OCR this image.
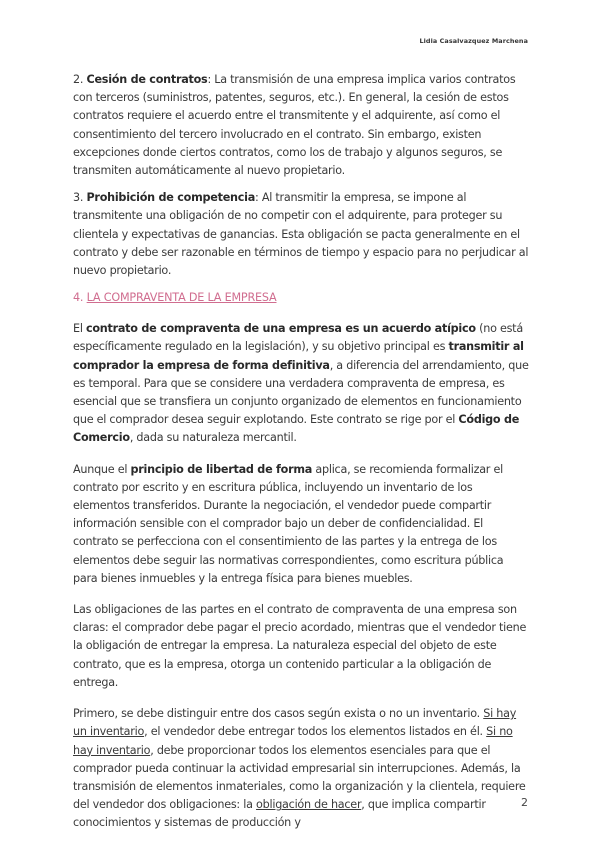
Lidia Casalvazquez Marchena

2. Cesión de contratos: La transmisión de una empresa implica varios contratos con terceros (suministros, patentes, seguros, etc.). En general, la cesión de estos contratos requiere el acuerdo entre el transmitente y el adquirente, así como el consentimiento del tercero involucrado en el contrato. Sin embargo, existen excepciones donde ciertos contratos, como los de trabajo y algunos seguros, se transmiten automáticamente al nuevo propietario.

3. Prohibición de competencia: Al transmitir la empresa, se impone al transmitente una obligación de no competir con el adquirente, para proteger su clientela y expectativas de ganancias. Esta obligación se pacta generalmente en el contrato y debe ser razonable en términos de tiempo y espacio para no perjudicar al nuevo propietario.

4. LA COMPRAVENTA DE LA EMPRESA

El contrato de compraventa de una empresa es un acuerdo atípico (no está específicamente regulado en la legislación), y su objetivo principal es transmitir al comprador la empresa de forma definitiva, a diferencia del arrendamiento, que es temporal. Para que se considere una verdadera compraventa de empresa, es esencial que se transfiera un conjunto organizado de elementos en funcionamiento que el comprador desea seguir explotando. Este contrato se rige por el Código de Comercio, dada su naturaleza mercantil.

Aunque el principio de libertad de forma aplica, se recomienda formalizar el contrato por escrito y en escritura pública, incluyendo un inventario de los elementos transferidos. Durante la negociación, el vendedor puede compartir información sensible con el comprador bajo un deber de confidencialidad. El contrato se perfecciona con el consentimiento de las partes y la entrega de los elementos debe seguir las normativas correspondientes, como escritura pública para bienes inmuebles y la entrega física para bienes muebles.

Las obligaciones de las partes en el contrato de compraventa de una empresa son claras: el comprador debe pagar el precio acordado, mientras que el vendedor tiene la obligación de entregar la empresa. La naturaleza especial del objeto de este contrato, que es la empresa, otorga un contenido particular a la obligación de entrega.

Primero, se debe distinguir entre dos casos según exista o no un inventario. Si hay un inventario, el vendedor debe entregar todos los elementos listados en él. Si no hay inventario, debe proporcionar todos los elementos esenciales para que el comprador pueda continuar la actividad empresarial sin interrupciones. Además, la transmisión de elementos inmateriales, como la organización y la clientela, requiere del vendedor dos obligaciones: la obligación de hacer, que implica compartir conocimientos y sistemas de producción y

2
